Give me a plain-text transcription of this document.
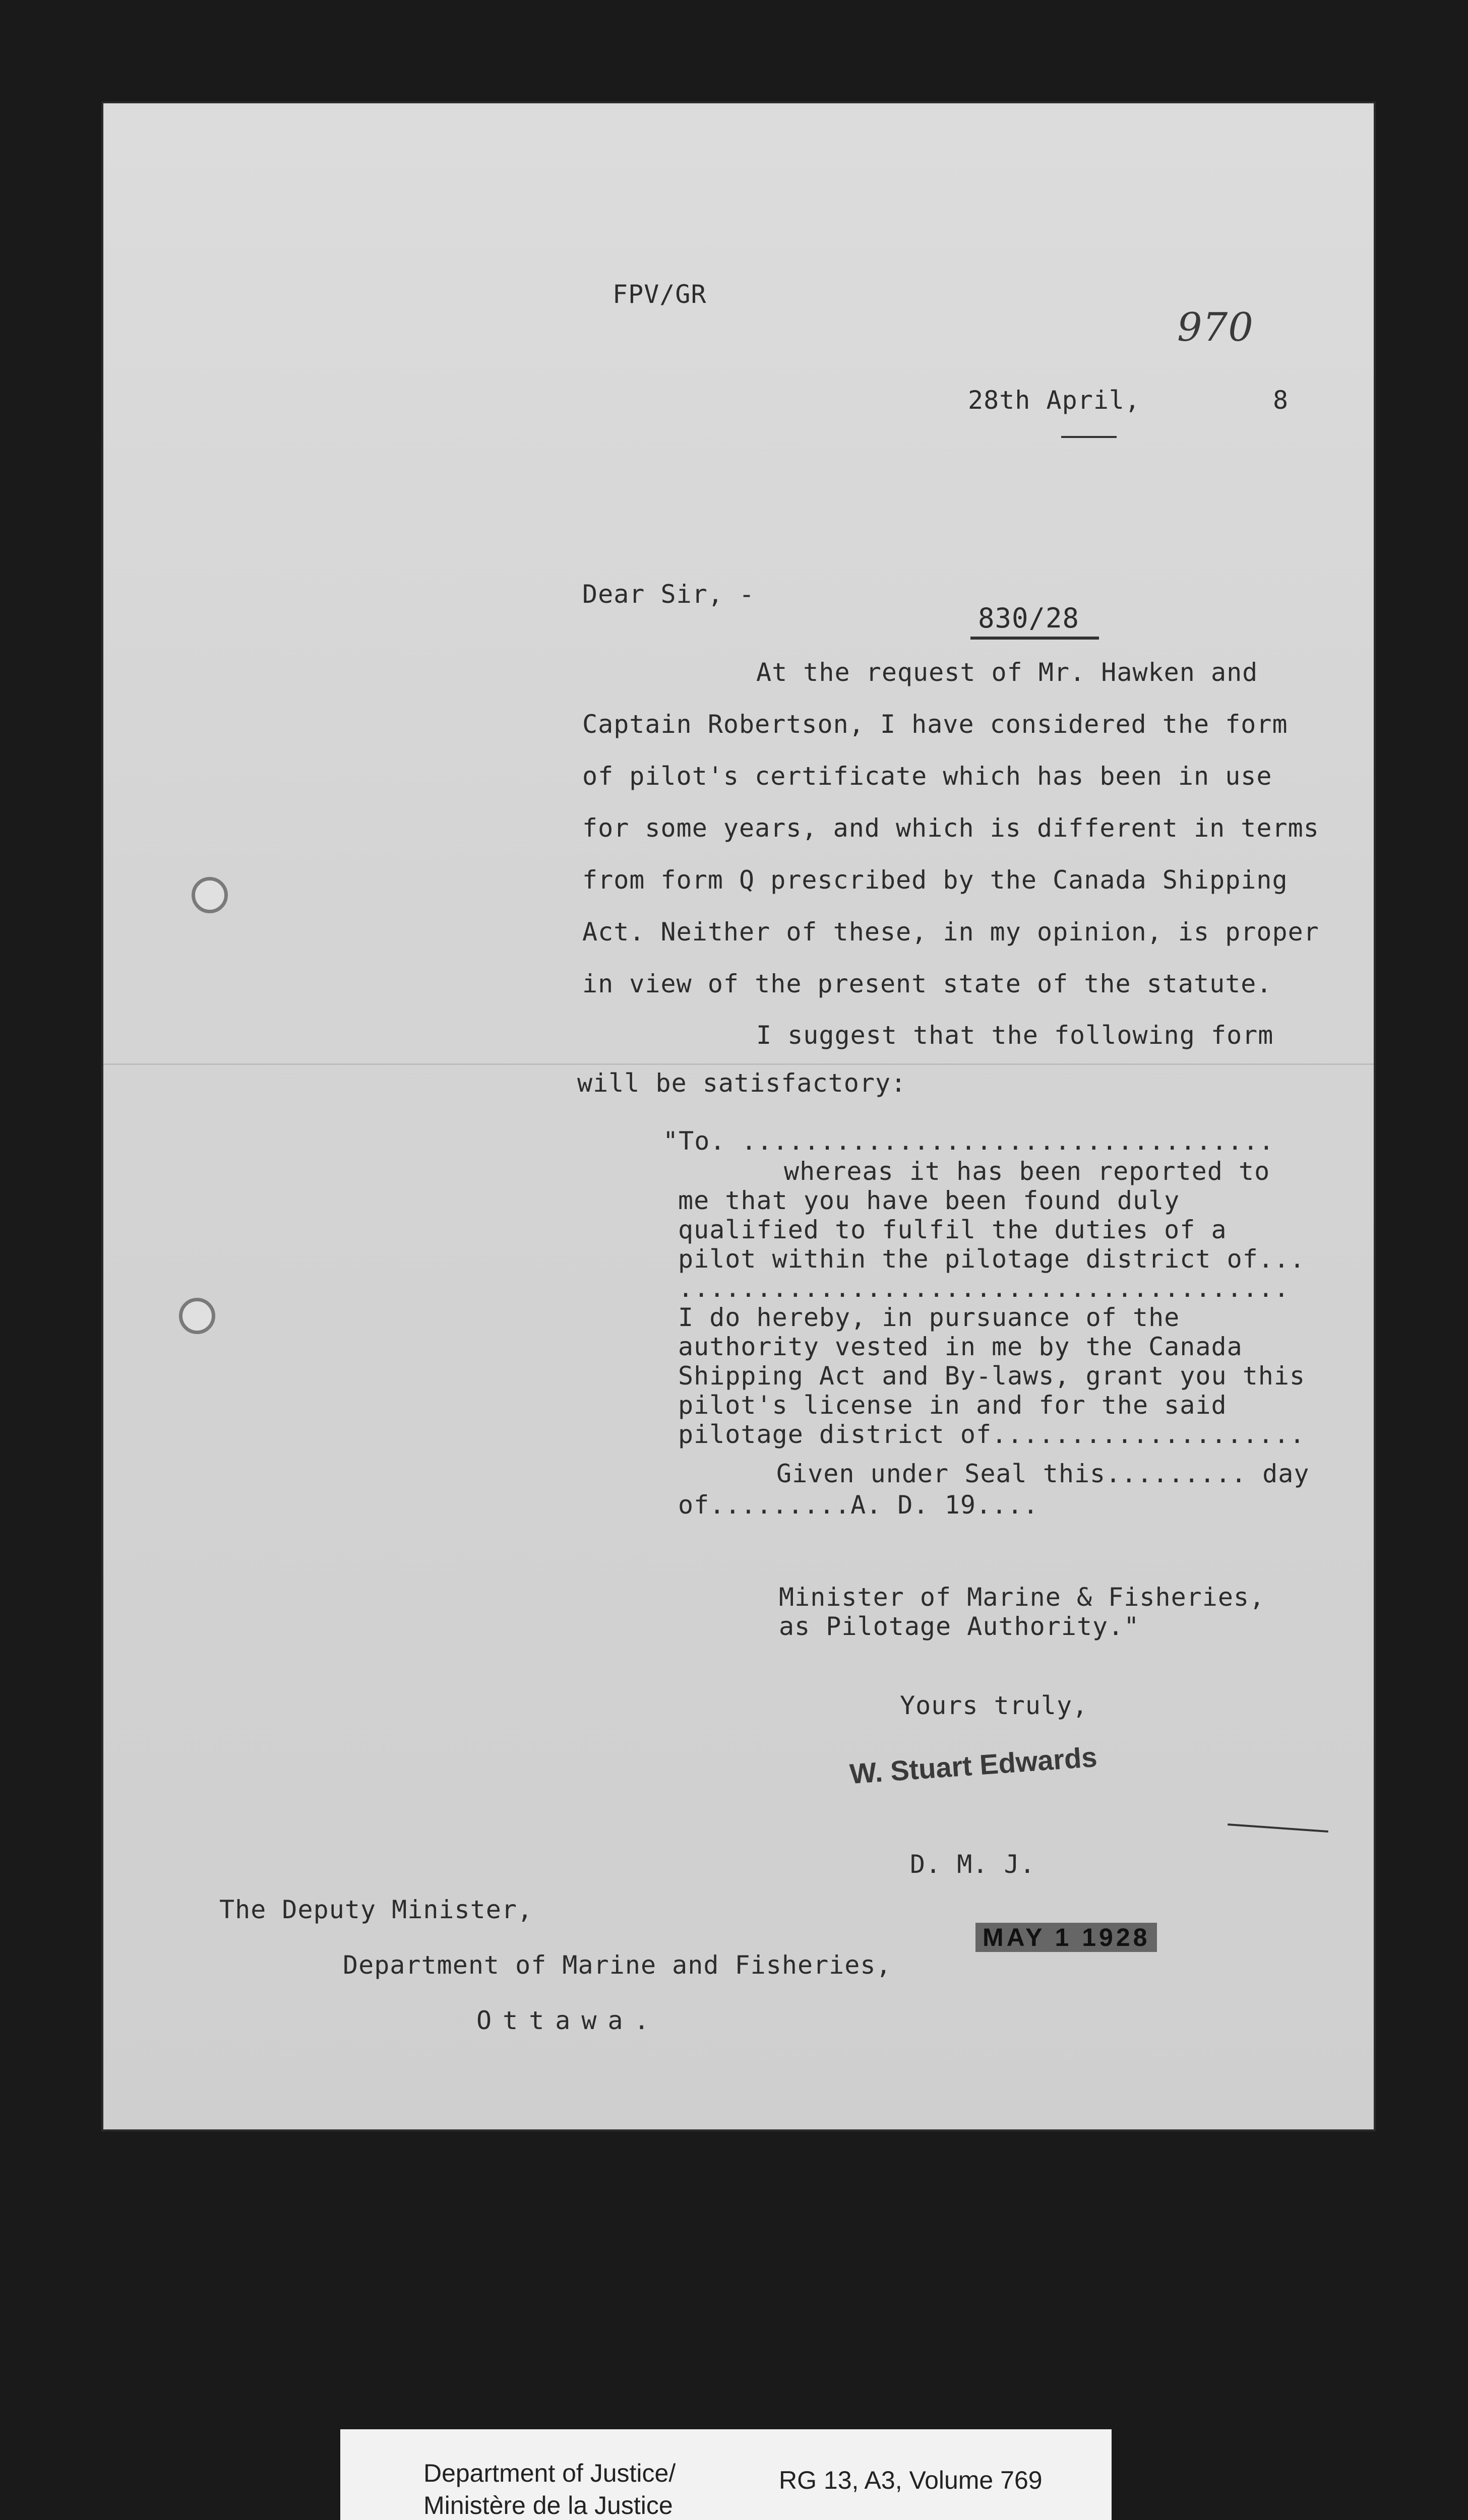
FPV/GR
970
28th April,	8
Dear Sir, -
830/28
At the request of Mr. Hawken and
Captain Robertson, I have considered the form
of pilot's certificate which has been in use
for some years, and which is different in terms
from form Q prescribed by the Canada Shipping
Act. Neither of these, in my opinion, is proper
in view of the present state of the statute.
I suggest that the following form
will be satisfactory:
"To. ..................................
whereas it has been reported to
me that you have been found duly
qualified to fulfil the duties of a
pilot within the pilotage district of...
.......................................
I do hereby, in pursuance of the
authority vested in me by the Canada
Shipping Act and By-laws, grant you this
pilot's license in and for the said
pilotage district of....................
Given under Seal this......... day
of.........A. D. 19....
Minister of Marine & Fisheries,
as Pilotage Authority."
Yours truly,
W. Stuart Edwards
D. M. J.
MAY 1 1928
The Deputy Minister,
Department of Marine and Fisheries,
Ottawa.
Department of Justice/
Ministère de la Justice
RG 13, A3, Volume 769
